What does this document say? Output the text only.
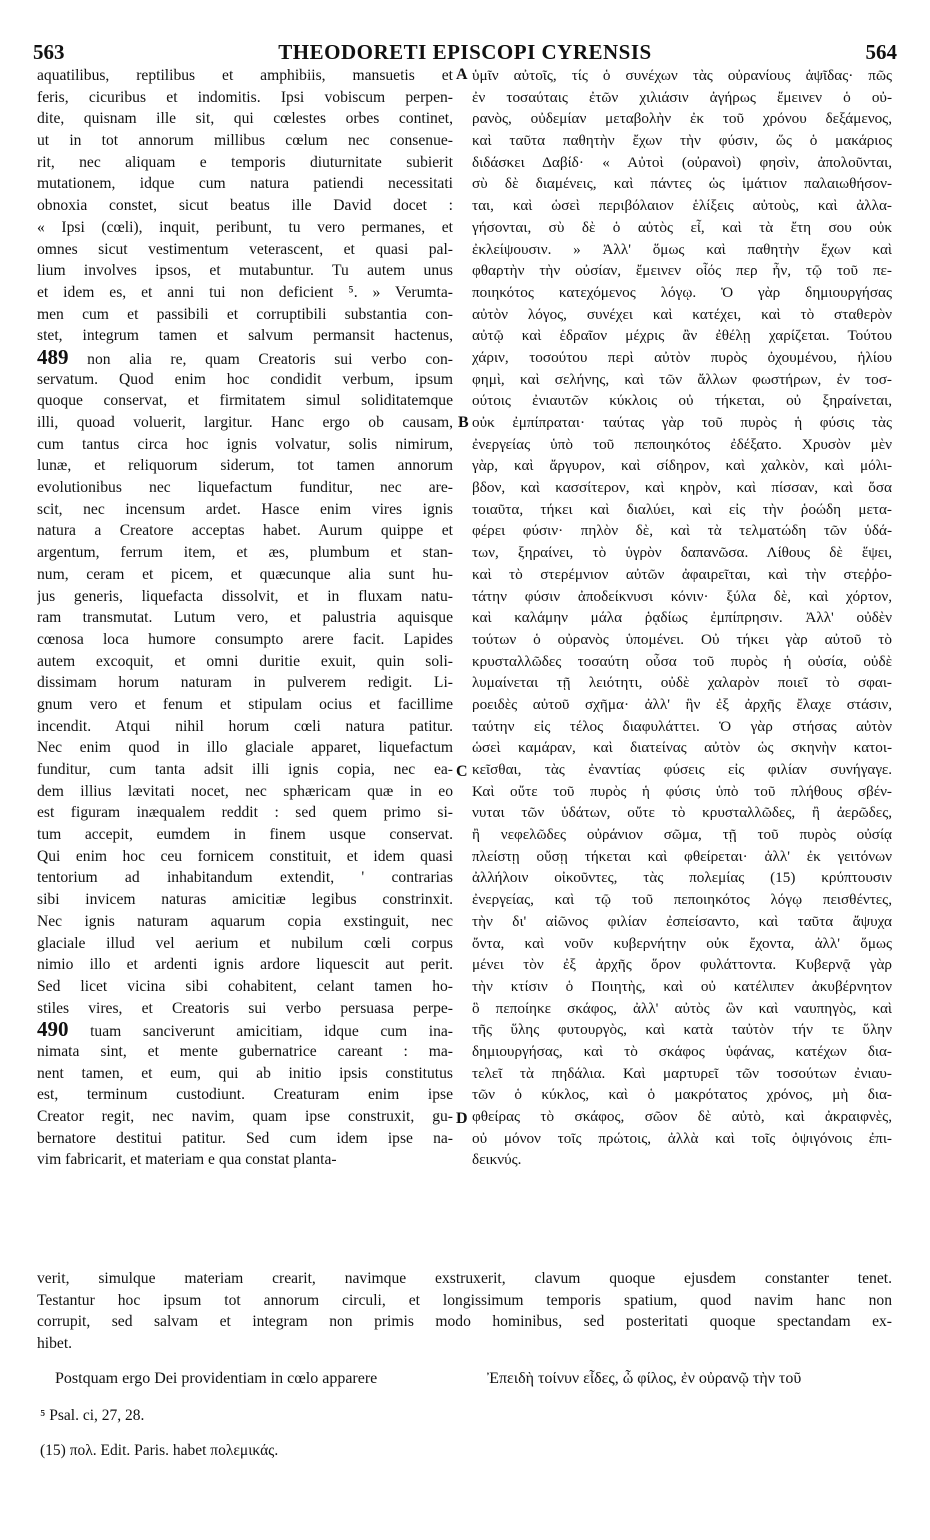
563	THEODORETI EPISCOPI CYRENSIS	564
aquatilibus, reptilibus et amphibiis, mansuetis et
feris, cicuribus et indomitis. Ipsi vobiscum perpen-
dite, quisnam ille sit, qui cœlestes orbes continet,
ut in tot annorum millibus cœlum nec consenue-
rit, nec aliquam e temporis diuturnitate subierit
mutationem, idque cum natura patiendi necessitati
obnoxia constet, sicut beatus ille David docet :
« Ipsi (cœli), inquit, peribunt, tu vero permanes, et
omnes sicut vestimentum veterascent, et quasi pal-
lium involves ipsos, et mutabuntur. Tu autem unus
et idem es, et anni tui non deficient ⁵. » Verumta-
men cum et passibili et corruptibili substantia con-
stet, integrum tamen et salvum permansit hactenus,
489 non alia re, quam Creatoris sui verbo con-
servatum. Quod enim hoc condidit verbum, ipsum
quoque conservat, et firmitatem simul soliditatemque
illi, quoad voluerit, largitur. Hanc ergo ob causam,
cum tantus circa hoc ignis volvatur, solis nimirum,
lunæ, et reliquorum siderum, tot tamen annorum
evolutionibus nec liquefactum funditur, nec are-
scit, nec incensum ardet. Hasce enim vires ignis
natura a Creatore acceptas habet. Aurum quippe et
argentum, ferrum item, et æs, plumbum et stan-
num, ceram et picem, et quæcunque alia sunt hu-
jus generis, liquefacta dissolvit, et in fluxam natu-
ram transmutat. Lutum vero, et palustria aquisque
cœnosa loca humore consumpto arere facit. Lapides
autem excoquit, et omni duritie exuit, quin soli-
dissimam horum naturam in pulverem redigit. Li-
gnum vero et fenum et stipulam ocius et facillime
incendit. Atqui nihil horum cœli natura patitur.
Nec enim quod in illo glaciale apparet, liquefactum
funditur, cum tanta adsit illi ignis copia, nec ea-
dem illius lævitati nocet, nec sphæricam quæ in eo
est figuram inæqualem reddit : sed quem primo si-
tum accepit, eumdem in finem usque conservat.
Qui enim hoc ceu fornicem constituit, et idem quasi
tentorium ad inhabitandum extendit, ' contrarias
sibi invicem naturas amicitiæ legibus constrinxit.
Nec ignis naturam aquarum copia exstinguit, nec
glaciale illud vel aerium et nubilum cœli corpus
nimio illo et ardenti ignis ardore liquescit aut perit.
Sed licet vicina sibi cohabitent, celant tamen ho-
stiles vires, et Creatoris sui verbo persuasa perpe-
490 tuam sanciverunt amicitiam, idque cum ina-
nimata sint, et mente gubernatrice careant : ma-
nent tamen, et eum, qui ab initio ipsis constitutus
est, terminum custodiunt. Creaturam enim ipse
Creator regit, nec navim, quam ipse construxit, gu-
bernatore destitui patitur. Sed cum idem ipse na-
vim fabricarit, et materiam e qua constat planta-
ὑμῖν αὐτοῖς, τίς ὁ συνέχων τὰς οὐρανίους ἁψῖδας· πῶς
ἐν τοσαύταις ἐτῶν χιλιάσιν ἀγήρως ἔμεινεν ὁ οὐ-
ρανὸς, οὐδεμίαν μεταβολὴν ἐκ τοῦ χρόνου δεξάμενος,
καὶ ταῦτα παθητὴν ἔχων τὴν φύσιν, ὥς ὁ μακάριος
διδάσκει Δαβίδ· « Αὐτοὶ (οὐρανοὶ) φησὶν, ἀπολοῦνται,
σὺ δὲ διαμένεις, καὶ πάντες ὡς ἱμάτιον παλαιωθήσον-
ται, καὶ ὡσεὶ περιβόλαιον ἑλίξεις αὐτοὺς, καὶ ἀλλα-
γήσονται, σὺ δὲ ὁ αὐτὸς εἶ, καὶ τὰ ἔτη σου οὐκ
ἐκλείψουσιν. » Ἀλλ' ὅμως καὶ παθητὴν ἔχων καὶ
φθαρτὴν τὴν οὐσίαν, ἔμεινεν οἷός περ ἦν, τῷ τοῦ πε-
ποιηκότος κατεχόμενος λόγῳ. Ὁ γὰρ δημιουργήσας
αὐτὸν λόγος, συνέχει καὶ κατέχει, καὶ τὸ σταθερὸν
αὐτῷ καὶ ἑδραῖον μέχρις ἂν ἐθέλῃ χαρίζεται. Τούτου
χάριν, τοσούτου περὶ αὐτὸν πυρὸς ὀχουμένου, ἡλίου
φημὶ, καὶ σελήνης, καὶ τῶν ἄλλων φωστήρων, ἐν τοσ-
ούτοις ἐνιαυτῶν κύκλοις οὐ τήκεται, οὐ ξηραίνεται,
οὐκ ἐμπίπραται· ταύτας γὰρ τοῦ πυρὸς ἡ φύσις τὰς
ἐνεργείας ὑπὸ τοῦ πεποιηκότος ἐδέξατο. Χρυσὸν μὲν
γὰρ, καὶ ἄργυρον, καὶ σίδηρον, καὶ χαλκὸν, καὶ μόλι-
βδον, καὶ κασσίτερον, καὶ κηρὸν, καὶ πίσσαν, καὶ ὅσα
τοιαῦτα, τήκει καὶ διαλύει, καὶ εἰς τὴν ῥοώδη μετα-
φέρει φύσιν· πηλὸν δὲ, καὶ τὰ τελματώδη τῶν ὑδά-
των, ξηραίνει, τὸ ὑγρὸν δαπανῶσα. Λίθους δὲ ἕψει,
καὶ τὸ στερέμνιον αὐτῶν ἀφαιρεῖται, καὶ τὴν στεῤῥο-
τάτην φύσιν ἀποδείκνυσι κόνιν· ξύλα δὲ, καὶ χόρτον,
καὶ καλάμην μάλα ῥᾳδίως ἐμπίπρησιν. Ἀλλ' οὐδὲν
τούτων ὁ οὐρανὸς ὑπομένει. Οὐ τήκει γὰρ αὐτοῦ τὸ
κρυσταλλῶδες τοσαύτη οὖσα τοῦ πυρὸς ἡ οὐσία, οὐδὲ
λυμαίνεται τῇ λειότητι, οὐδὲ χαλαρὸν ποιεῖ τὸ σφαι-
ροειδὲς αὐτοῦ σχῆμα· ἀλλ' ἣν ἐξ ἀρχῆς ἔλαχε στάσιν,
ταύτην εἰς τέλος διαφυλάττει. Ὁ γὰρ στήσας αὐτὸν
ὡσεὶ καμάραν, καὶ διατείνας αὐτὸν ὡς σκηνὴν κατοι-
κεῖσθαι, τὰς ἐναντίας φύσεις εἰς φιλίαν συνήγαγε.
Καὶ οὔτε τοῦ πυρὸς ἡ φύσις ὑπὸ τοῦ πλήθους σβέν-
νυται τῶν ὑδάτων, οὔτε τὸ κρυσταλλῶδες, ἢ ἀερῶδες,
ἢ νεφελῶδες οὐράνιον σῶμα, τῇ τοῦ πυρὸς οὐσίᾳ
πλείστῃ οὔσῃ τήκεται καὶ φθείρεται· ἀλλ' ἐκ γειτόνων
ἀλλήλοιν οἰκοῦντες, τὰς πολεμίας (15) κρύπτουσιν
ἐνεργείας, καὶ τῷ τοῦ πεποιηκότος λόγῳ πεισθέντες,
τὴν δι' αἰῶνος φιλίαν ἐσπείσαντο, καὶ ταῦτα ἄψυχα
ὄντα, καὶ νοῦν κυβερνήτην οὐκ ἔχοντα, ἀλλ' ὅμως
μένει τὸν ἐξ ἀρχῆς ὅρον φυλάττοντα. Κυβερνᾷ γὰρ
τὴν κτίσιν ὁ Ποιητὴς, καὶ οὐ κατέλιπεν ἀκυβέρνητον
ὃ πεποίηκε σκάφος, ἀλλ' αὐτὸς ὢν καὶ ναυπηγὸς, καὶ
τῆς ὕλης φυτουργὸς, καὶ κατὰ ταὐτὸν τήν τε ὕλην
δημιουργήσας, καὶ τὸ σκάφος ὑφάνας, κατέχων δια-
τελεῖ τὰ πηδάλια. Καὶ μαρτυρεῖ τῶν τοσούτων ἐνιαυ-
τῶν ὁ κύκλος, καὶ ὁ μακρότατος χρόνος, μὴ δια-
φθείρας τὸ σκάφος, σῶον δὲ αὐτὸ, καὶ ἀκραιφνὲς,
οὐ μόνον τοῖς πρώτοις, ἀλλὰ καὶ τοῖς ὀψιγόνοις ἐπι-
δεικνύς.
A
B
C
D
verit, simulque materiam crearit, navimque exstruxerit, clavum quoque ejusdem constanter tenet.
Testantur hoc ipsum tot annorum circuli, et longissimum temporis spatium, quod navim hanc non
corrupit, sed salvam et integram non primis modo hominibus, sed posteritati quoque spectandam ex-
hibet.
Postquam ergo Dei providentiam in cœlo apparere	Ἐπειδὴ τοίνυν εἶδες, ὦ φίλος, ἐν οὐρανῷ τὴν τοῦ
⁵ Psal. ci, 27, 28.
(15) πολ. Edit. Paris. habet πολεμικάς.
